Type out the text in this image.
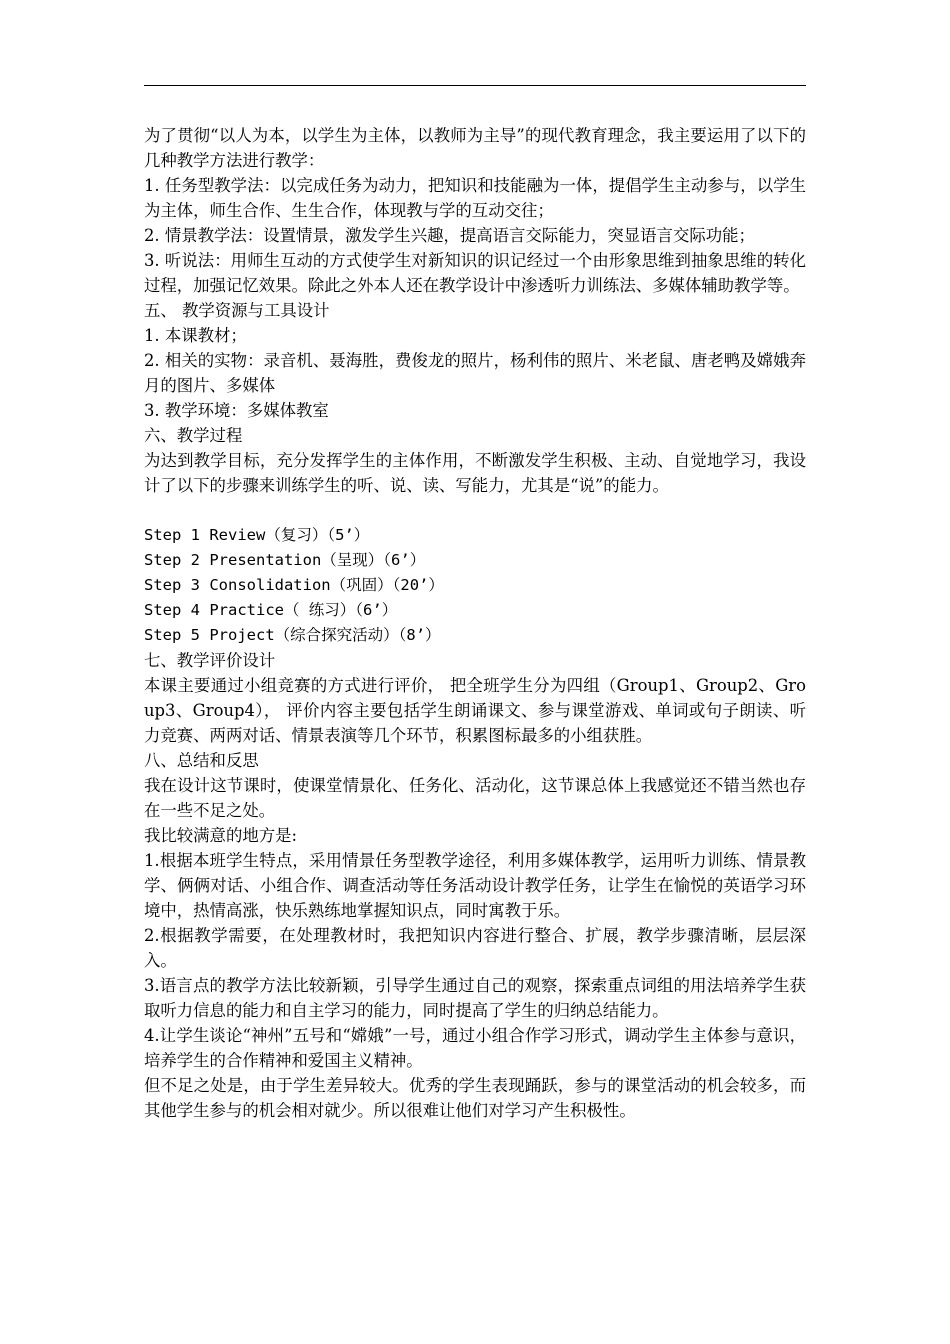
为了贯彻“以人为本，以学生为主体，以教师为主导”的现代教育理念，我主要运用了以下的几种教学方法进行教学：

1. 任务型教学法：以完成任务为动力，把知识和技能融为一体，提倡学生主动参与，以学生为主体，师生合作、生生合作，体现教与学的互动交往；

2. 情景教学法：设置情景，激发学生兴趣，提高语言交际能力，突显语言交际功能；

3. 听说法：用师生互动的方式使学生对新知识的识记经过一个由形象思维到抽象思维的转化过程，加强记忆效果。除此之外本人还在教学设计中渗透听力训练法、多媒体辅助教学等。

五、 教学资源与工具设计

1. 本课教材；

2. 相关的实物：录音机、聂海胜，费俊龙的照片，杨利伟的照片、米老鼠、唐老鸭及嫦娥奔月的图片、多媒体

3. 教学环境：多媒体教室

六、教学过程

为达到教学目标，充分发挥学生的主体作用，不断激发学生积极、主动、自觉地学习，我设计了以下的步骤来训练学生的听、说、读、写能力，尤其是“说”的能力。

Step 1 Review（复习）（5’）

Step 2 Presentation（呈现）（6’）

Step 3 Consolidation（巩固）（20’）

Step 4 Practice（ 练习）（6’）

Step 5 Project（综合探究活动）（8’）

七、教学评价设计

本课主要通过小组竞赛的方式进行评价， 把全班学生分为四组（Group1、Group2、Group3、Group4）， 评价内容主要包括学生朗诵课文、参与课堂游戏、单词或句子朗读、听力竞赛、两两对话、情景表演等几个环节，积累图标最多的小组获胜。

八、总结和反思

我在设计这节课时，使课堂情景化、任务化、活动化，这节课总体上我感觉还不错当然也存在一些不足之处。

我比较满意的地方是:

1.根据本班学生特点，采用情景任务型教学途径，利用多媒体教学，运用听力训练、情景教学、俩俩对话、小组合作、调查活动等任务活动设计教学任务，让学生在愉悦的英语学习环境中，热情高涨，快乐熟练地掌握知识点，同时寓教于乐。

2.根据教学需要，在处理教材时，我把知识内容进行整合、扩展，教学步骤清晰，层层深入。

3.语言点的教学方法比较新颖，引导学生通过自己的观察，探索重点词组的用法培养学生获取听力信息的能力和自主学习的能力，同时提高了学生的归纳总结能力。

4.让学生谈论“神州”五号和“嫦娥”一号，通过小组合作学习形式，调动学生主体参与意识，培养学生的合作精神和爱国主义精神。

但不足之处是，由于学生差异较大。优秀的学生表现踊跃，参与的课堂活动的机会较多，而其他学生参与的机会相对就少。所以很难让他们对学习产生积极性。
